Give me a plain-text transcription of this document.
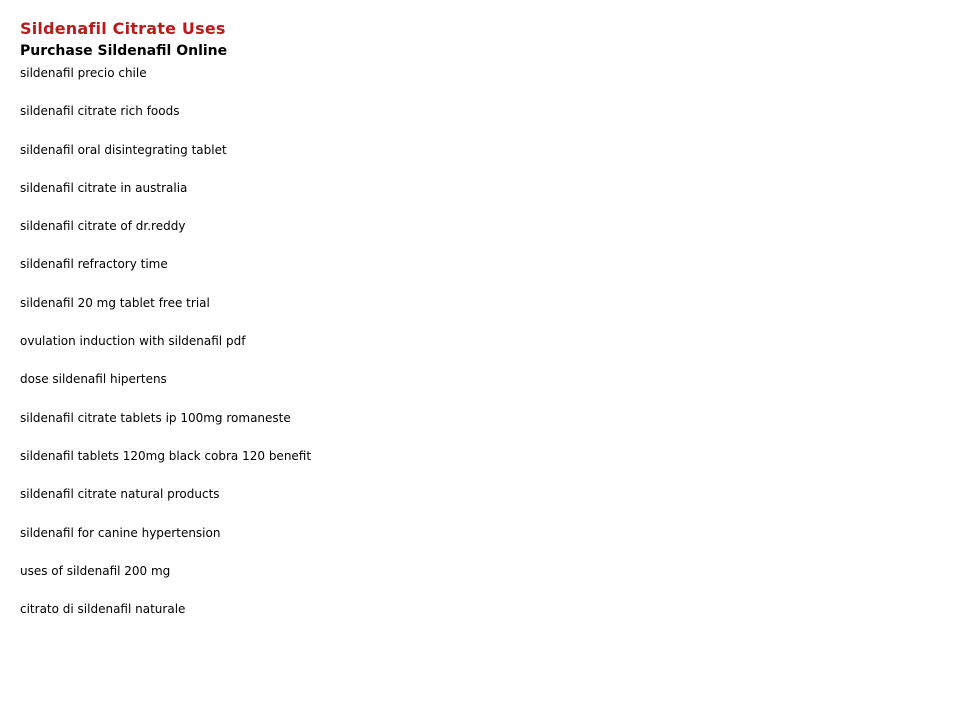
Sildenafil Citrate Uses
Purchase Sildenafil Online
sildenafil precio chile
sildenafil citrate rich foods
sildenafil oral disintegrating tablet
sildenafil citrate in australia
sildenafil citrate of dr.reddy
sildenafil refractory time
sildenafil 20 mg tablet free trial
ovulation induction with sildenafil pdf
dose sildenafil hipertens
sildenafil citrate tablets ip 100mg romaneste
sildenafil tablets 120mg black cobra 120 benefit
sildenafil citrate natural products
sildenafil for canine hypertension
uses of sildenafil 200 mg
citrato di sildenafil naturale
